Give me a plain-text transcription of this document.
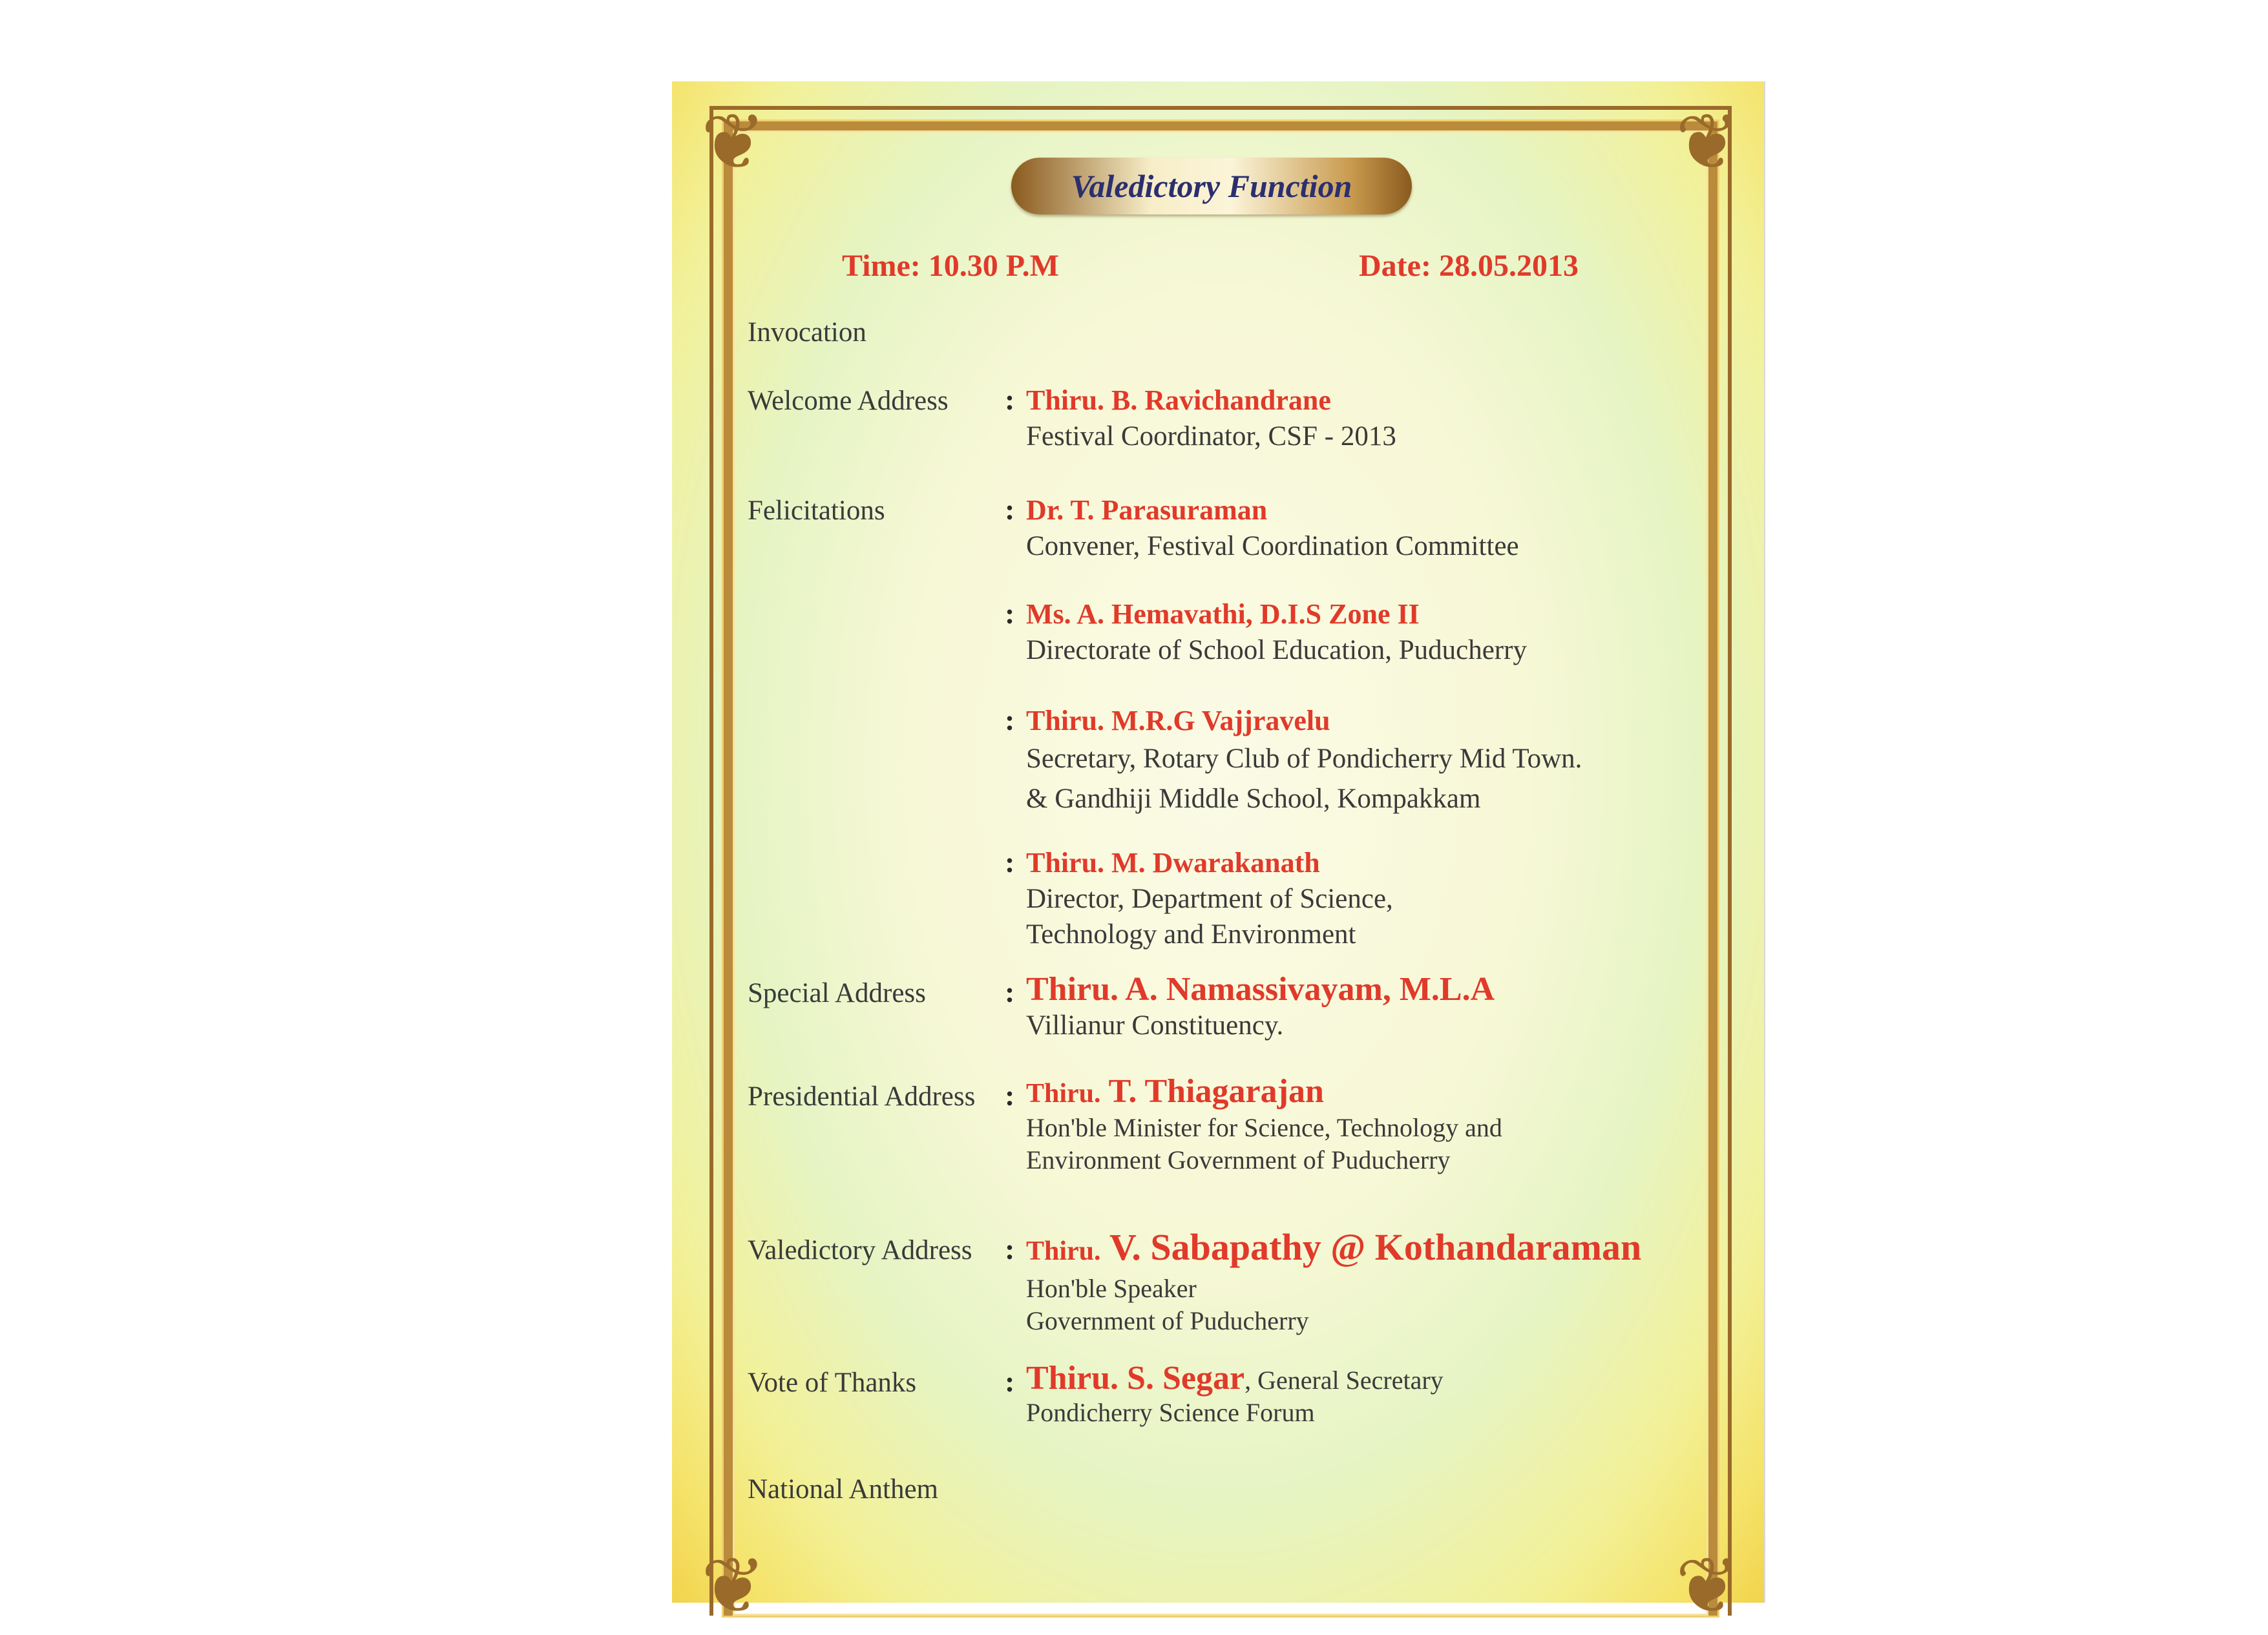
❦	❦
❦	❦
Valedictory Function
Time: 10.30 P.M	Date: 28.05.2013
Invocation
Welcome Address : Thiru. B. Ravichandrane
Festival Coordinator, CSF - 2013
Felicitations	: Dr. T. Parasuraman
Convener, Festival Coordination Committee
: Ms. A. Hemavathi, D.I.S Zone II
Directorate of School Education, Puducherry
: Thiru. M.R.G Vajjravelu
Secretary, Rotary Club of Pondicherry Mid Town.
& Gandhiji Middle School, Kompakkam
: Thiru. M. Dwarakanath
Director, Department of Science,
Technology and Environment
Special Address	: Thiru. A. Namassivayam, M.L.A
Villianur Constituency.
Presidential Address : Thiru. T. Thiagarajan
Hon'ble Minister for Science, Technology and
Environment Government of Puducherry
Valedictory Address : Thiru. V. Sabapathy @ Kothandaraman
Hon'ble Speaker
Government of Puducherry
Vote of Thanks	: Thiru. S. Segar, General Secretary
Pondicherry Science Forum
National Anthem
